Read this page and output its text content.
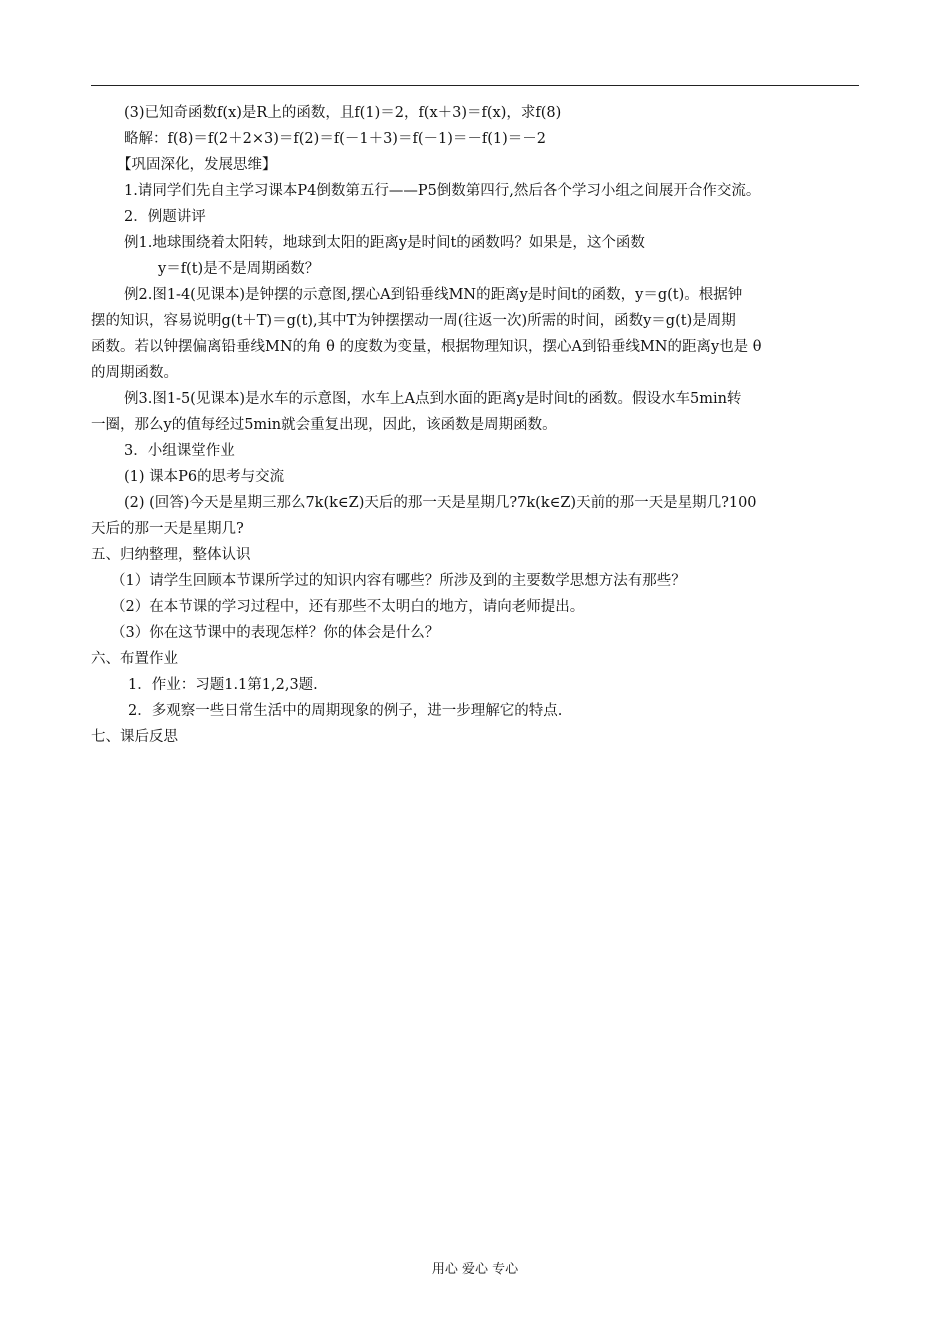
(3)已知奇函数f(x)是R上的函数，且f(1)＝2，f(x＋3)＝f(x)，求f(8)
略解：f(8)＝f(2＋2×3)＝f(2)＝f(－1＋3)＝f(－1)＝－f(1)＝－2
【巩固深化，发展思维】
1.请同学们先自主学习课本P4倒数第五行——P5倒数第四行,然后各个学习小组之间展开合作交流。
2．例题讲评
例1.地球围绕着太阳转，地球到太阳的距离y是时间t的函数吗？如果是，这个函数
y＝f(t)是不是周期函数？
例2.图1-4(见课本)是钟摆的示意图,摆心A到铅垂线MN的距离y是时间t的函数，y＝g(t)。根据钟
摆的知识，容易说明g(t＋T)＝g(t),其中T为钟摆摆动一周(往返一次)所需的时间，函数y＝g(t)是周期
函数。若以钟摆偏离铅垂线MN的角 θ 的度数为变量，根据物理知识，摆心A到铅垂线MN的距离y也是 θ
的周期函数。
例3.图1-5(见课本)是水车的示意图，水车上A点到水面的距离y是时间t的函数。假设水车5min转
一圈，那么y的值每经过5min就会重复出现，因此，该函数是周期函数。
3．小组课堂作业
(1) 课本P6的思考与交流
(2) (回答)今天是星期三那么7k(k∈Z)天后的那一天是星期几?7k(k∈Z)天前的那一天是星期几?100
天后的那一天是星期几?
五、归纳整理，整体认识
（1）请学生回顾本节课所学过的知识内容有哪些？所涉及到的主要数学思想方法有那些？
（2）在本节课的学习过程中，还有那些不太明白的地方，请向老师提出。
（3）你在这节课中的表现怎样？你的体会是什么？
六、布置作业
1．作业：习题1.1第1,2,3题.
2．多观察一些日常生活中的周期现象的例子，进一步理解它的特点.
七、课后反思
用心 爱心 专心
